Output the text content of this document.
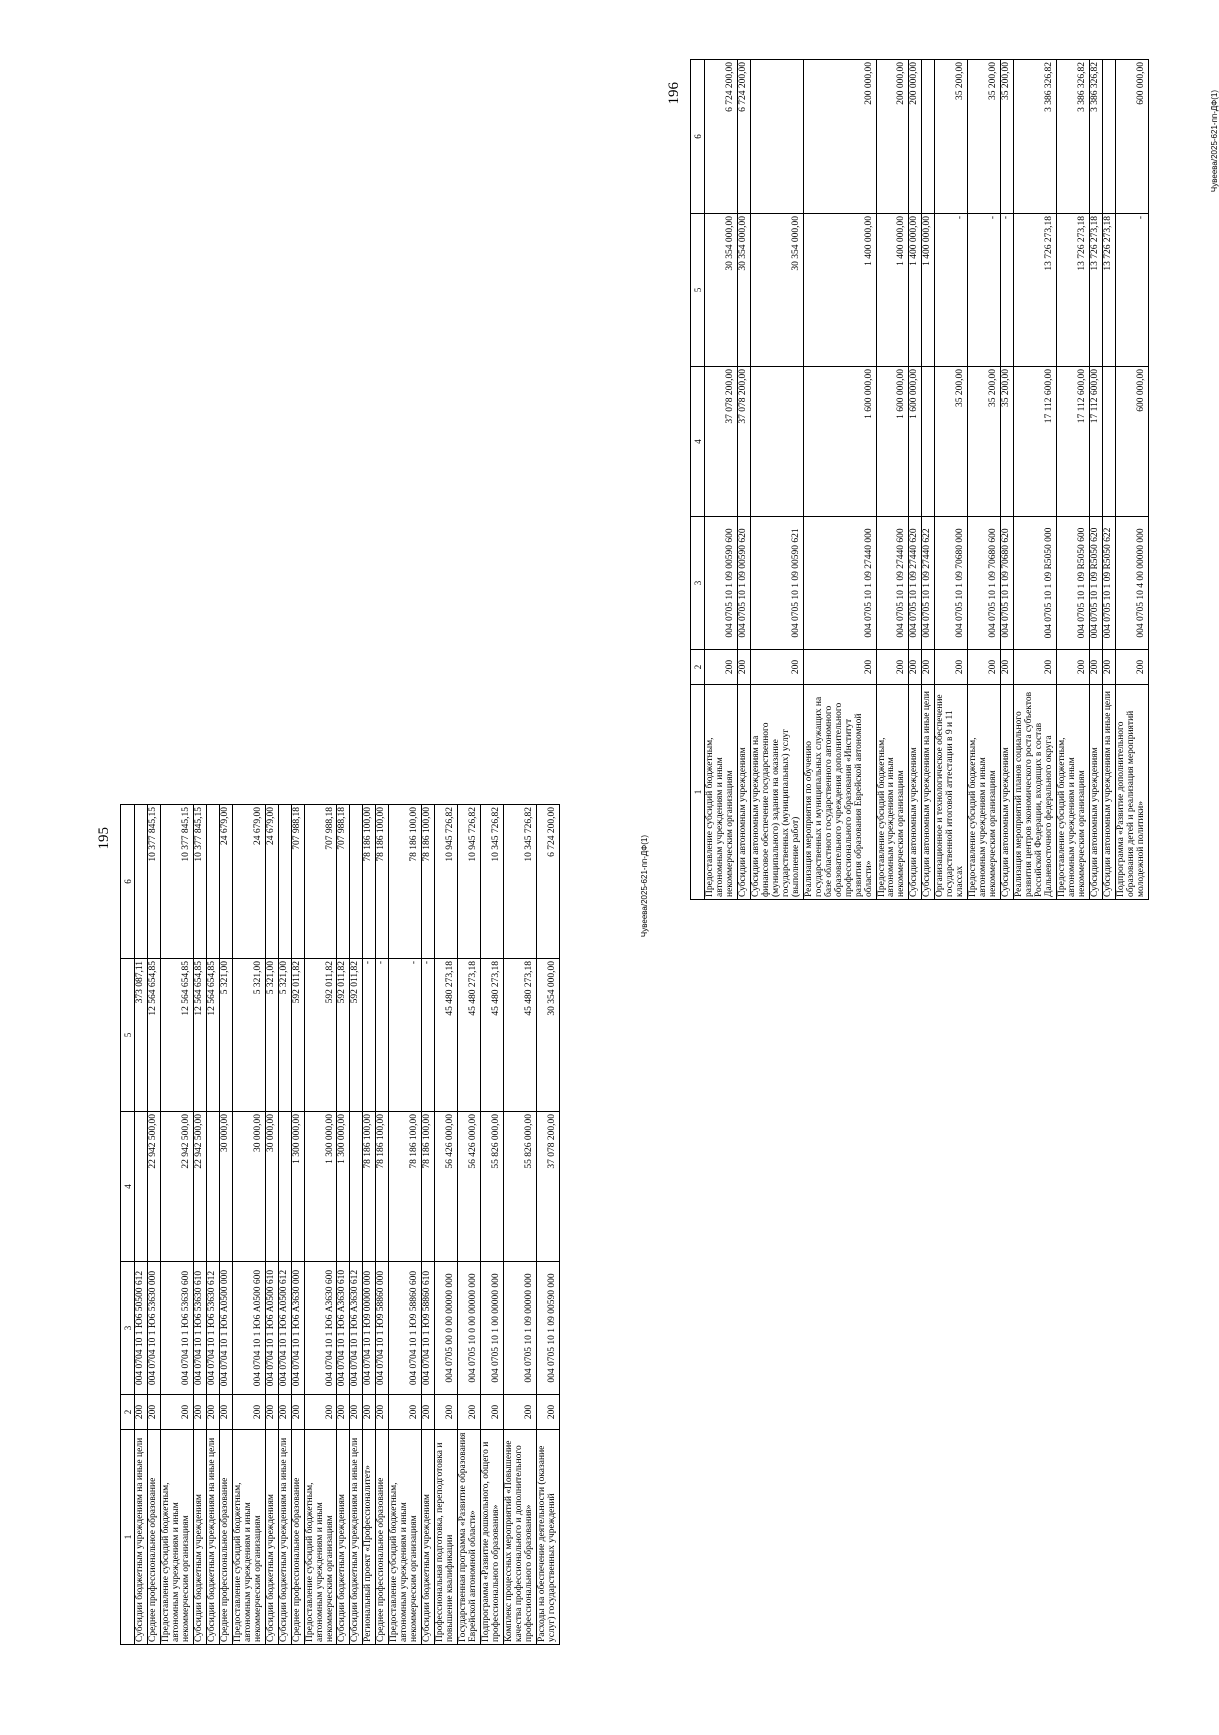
195
1	2	3	4	5	6
Субсидии бюджетным учреждениям на иные цели	200	004 0704 10 1 Ю6 50500 612		373 087,11	
Среднее профессиональное образование	200	004 0704 10 1 Ю6 53630 000	22 942 500,00	12 564 654,85	10 377 845,15
Предоставление субсидий бюджетным, автономным учреждениям и иным некоммерческим организациям	200	004 0704 10 1 Ю6 53630 600	22 942 500,00	12 564 654,85	10 377 845,15
Субсидии бюджетным учреждениям	200	004 0704 10 1 Ю6 53630 610	22 942 500,00	12 564 654,85	10 377 845,15
Субсидии бюджетным учреждениям на иные цели	200	004 0704 10 1 Ю6 53630 612		12 564 654,85	
Среднее профессиональное образование	200	004 0704 10 1 Ю6 А0500 000	30 000,00	5 321,00	24 679,00
Предоставление субсидий бюджетным, автономным учреждениям и иным некоммерческим организациям	200	004 0704 10 1 Ю6 А0500 600	30 000,00	5 321,00	24 679,00
Субсидии бюджетным учреждениям	200	004 0704 10 1 Ю6 А0500 610	30 000,00	5 321,00	24 679,00
Субсидии бюджетным учреждениям на иные цели	200	004 0704 10 1 Ю6 А0500 612		5 321,00	
Среднее профессиональное образование	200	004 0704 10 1 Ю6 А3630 000	1 300 000,00	592 011,82	707 988,18
Предоставление субсидий бюджетным, автономным учреждениям и иным некоммерческим организациям	200	004 0704 10 1 Ю6 А3630 600	1 300 000,00	592 011,82	707 988,18
Субсидии бюджетным учреждениям	200	004 0704 10 1 Ю6 А3630 610	1 300 000,00	592 011,82	707 988,18
Субсидии бюджетным учреждениям на иные цели	200	004 0704 10 1 Ю6 А3630 612		592 011,82	
Региональный проект «Профессионалитет»	200	004 0704 10 1 Ю9 00000 000	78 186 100,00	-	78 186 100,00
Среднее профессиональное образование	200	004 0704 10 1 Ю9 58860 000	78 186 100,00	-	78 186 100,00
Предоставление субсидий бюджетным, автономным учреждениям и иным некоммерческим организациям	200	004 0704 10 1 Ю9 58860 600	78 186 100,00	-	78 186 100,00
Субсидии бюджетным учреждениям	200	004 0704 10 1 Ю9 58860 610	78 186 100,00	-	78 186 100,00
Профессиональная подготовка, переподготовка и повышение квалификации	200	004 0705 00 0 00 00000 000	56 426 000,00	45 480 273,18	10 945 726,82
Государственная программа «Развитие образования Еврейской автономной области»	200	004 0705 10 0 00 00000 000	56 426 000,00	45 480 273,18	10 945 726,82
Подпрограмма «Развитие дошкольного, общего и профессионального образования»	200	004 0705 10 1 00 00000 000	55 826 000,00	45 480 273,18	10 345 726,82
Комплекс процессных мероприятий «Повышение качества профессионального и дополнительного профессионального образования»	200	004 0705 10 1 09 00000 000	55 826 000,00	45 480 273,18	10 345 726,82
Расходы на обеспечение деятельности (оказание услуг) государственных учреждений	200	004 0705 10 1 09 00590 000	37 078 200,00	30 354 000,00	6 724 200,00
Чувеева/2025-621-пп-ДФ(1)
196
1	2	3	4	5	6
Предоставление субсидий бюджетным, автономным учреждениям и иным некоммерческим организациям	200	004 0705 10 1 09 00590 600	37 078 200,00	30 354 000,00	6 724 200,00
Субсидии автономным учреждениям	200	004 0705 10 1 09 00590 620	37 078 200,00	30 354 000,00	6 724 200,00
Субсидии автономным учреждениям на финансовое обеспечение государственного (муниципального) задания на оказание государственных (муниципальных) услуг (выполнение работ)	200	004 0705 10 1 09 00590 621		30 354 000,00	
Реализация мероприятия по обучению государственных и муниципальных служащих на базе областного государственного автономного образовательного учреждения дополнительного профессионального образования «Институт развития образования Еврейской автономной области»	200	004 0705 10 1 09 27440 000	1 600 000,00	1 400 000,00	200 000,00
Предоставление субсидий бюджетным, автономным учреждениям и иным некоммерческим организациям	200	004 0705 10 1 09 27440 600	1 600 000,00	1 400 000,00	200 000,00
Субсидии автономным учреждениям	200	004 0705 10 1 09 27440 620	1 600 000,00	1 400 000,00	200 000,00
Субсидии автономным учреждениям на иные цели	200	004 0705 10 1 09 27440 622		1 400 000,00	
Организационное и технологическое обеспечение государственной итоговой аттестации в 9 и 11 классах	200	004 0705 10 1 09 70680 000	35 200,00	-	35 200,00
Предоставление субсидий бюджетным, автономным учреждениям и иным некоммерческим организациям	200	004 0705 10 1 09 70680 600	35 200,00	-	35 200,00
Субсидии автономным учреждениям	200	004 0705 10 1 09 70680 620	35 200,00	-	35 200,00
Реализация мероприятий планов социального развития центров экономического роста субъектов Российской Федерации, входящих в состав Дальневосточного федерального округа	200	004 0705 10 1 09 R5050 000	17 112 600,00	13 726 273,18	3 386 326,82
Предоставление субсидий бюджетным, автономным учреждениям и иным некоммерческим организациям	200	004 0705 10 1 09 R5050 600	17 112 600,00	13 726 273,18	3 386 326,82
Субсидии автономным учреждениям	200	004 0705 10 1 09 R5050 620	17 112 600,00	13 726 273,18	3 386 326,82
Субсидии автономным учреждениям на иные цели	200	004 0705 10 1 09 R5050 622		13 726 273,18	
Подпрограмма «Развитие дополнительного образования детей и реализация мероприятий молодежной политики»	200	004 0705 10 4 00 00000 000	600 000,00	-	600 000,00
Чувеева/2025-621-пп-ДФ(1)
